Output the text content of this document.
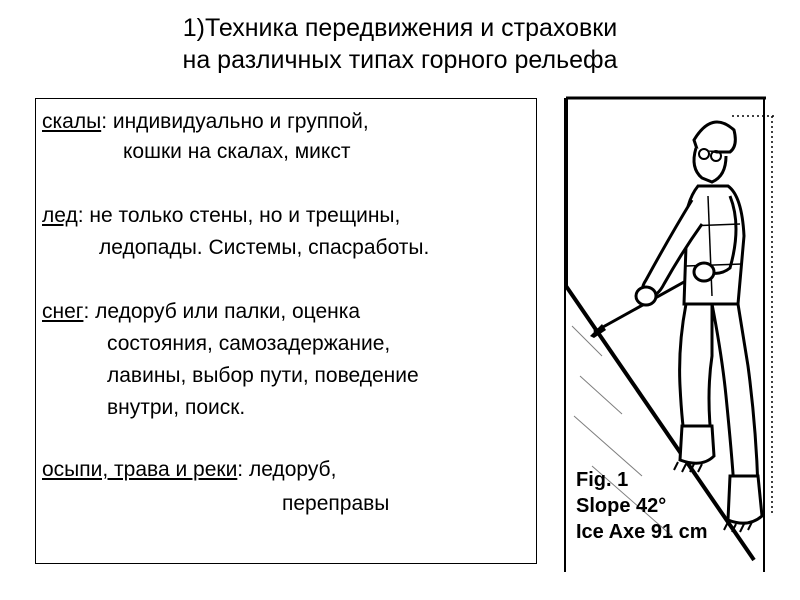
1)Техника передвижения и страховки
на различных типах горного рельефа
скалы: индивидуально и группой,
кошки на скалах, микст
лед: не только стены, но и трещины,
ледопады. Системы, спасработы.
снег: ледоруб или палки, оценка
состояния, самозадержание,
лавины, выбор пути, поведение
внутри, поиск.
осыпи, трава и реки: ледоруб,
переправы
Fig. 1
Slope 42°
Ice Axe 91 cm
